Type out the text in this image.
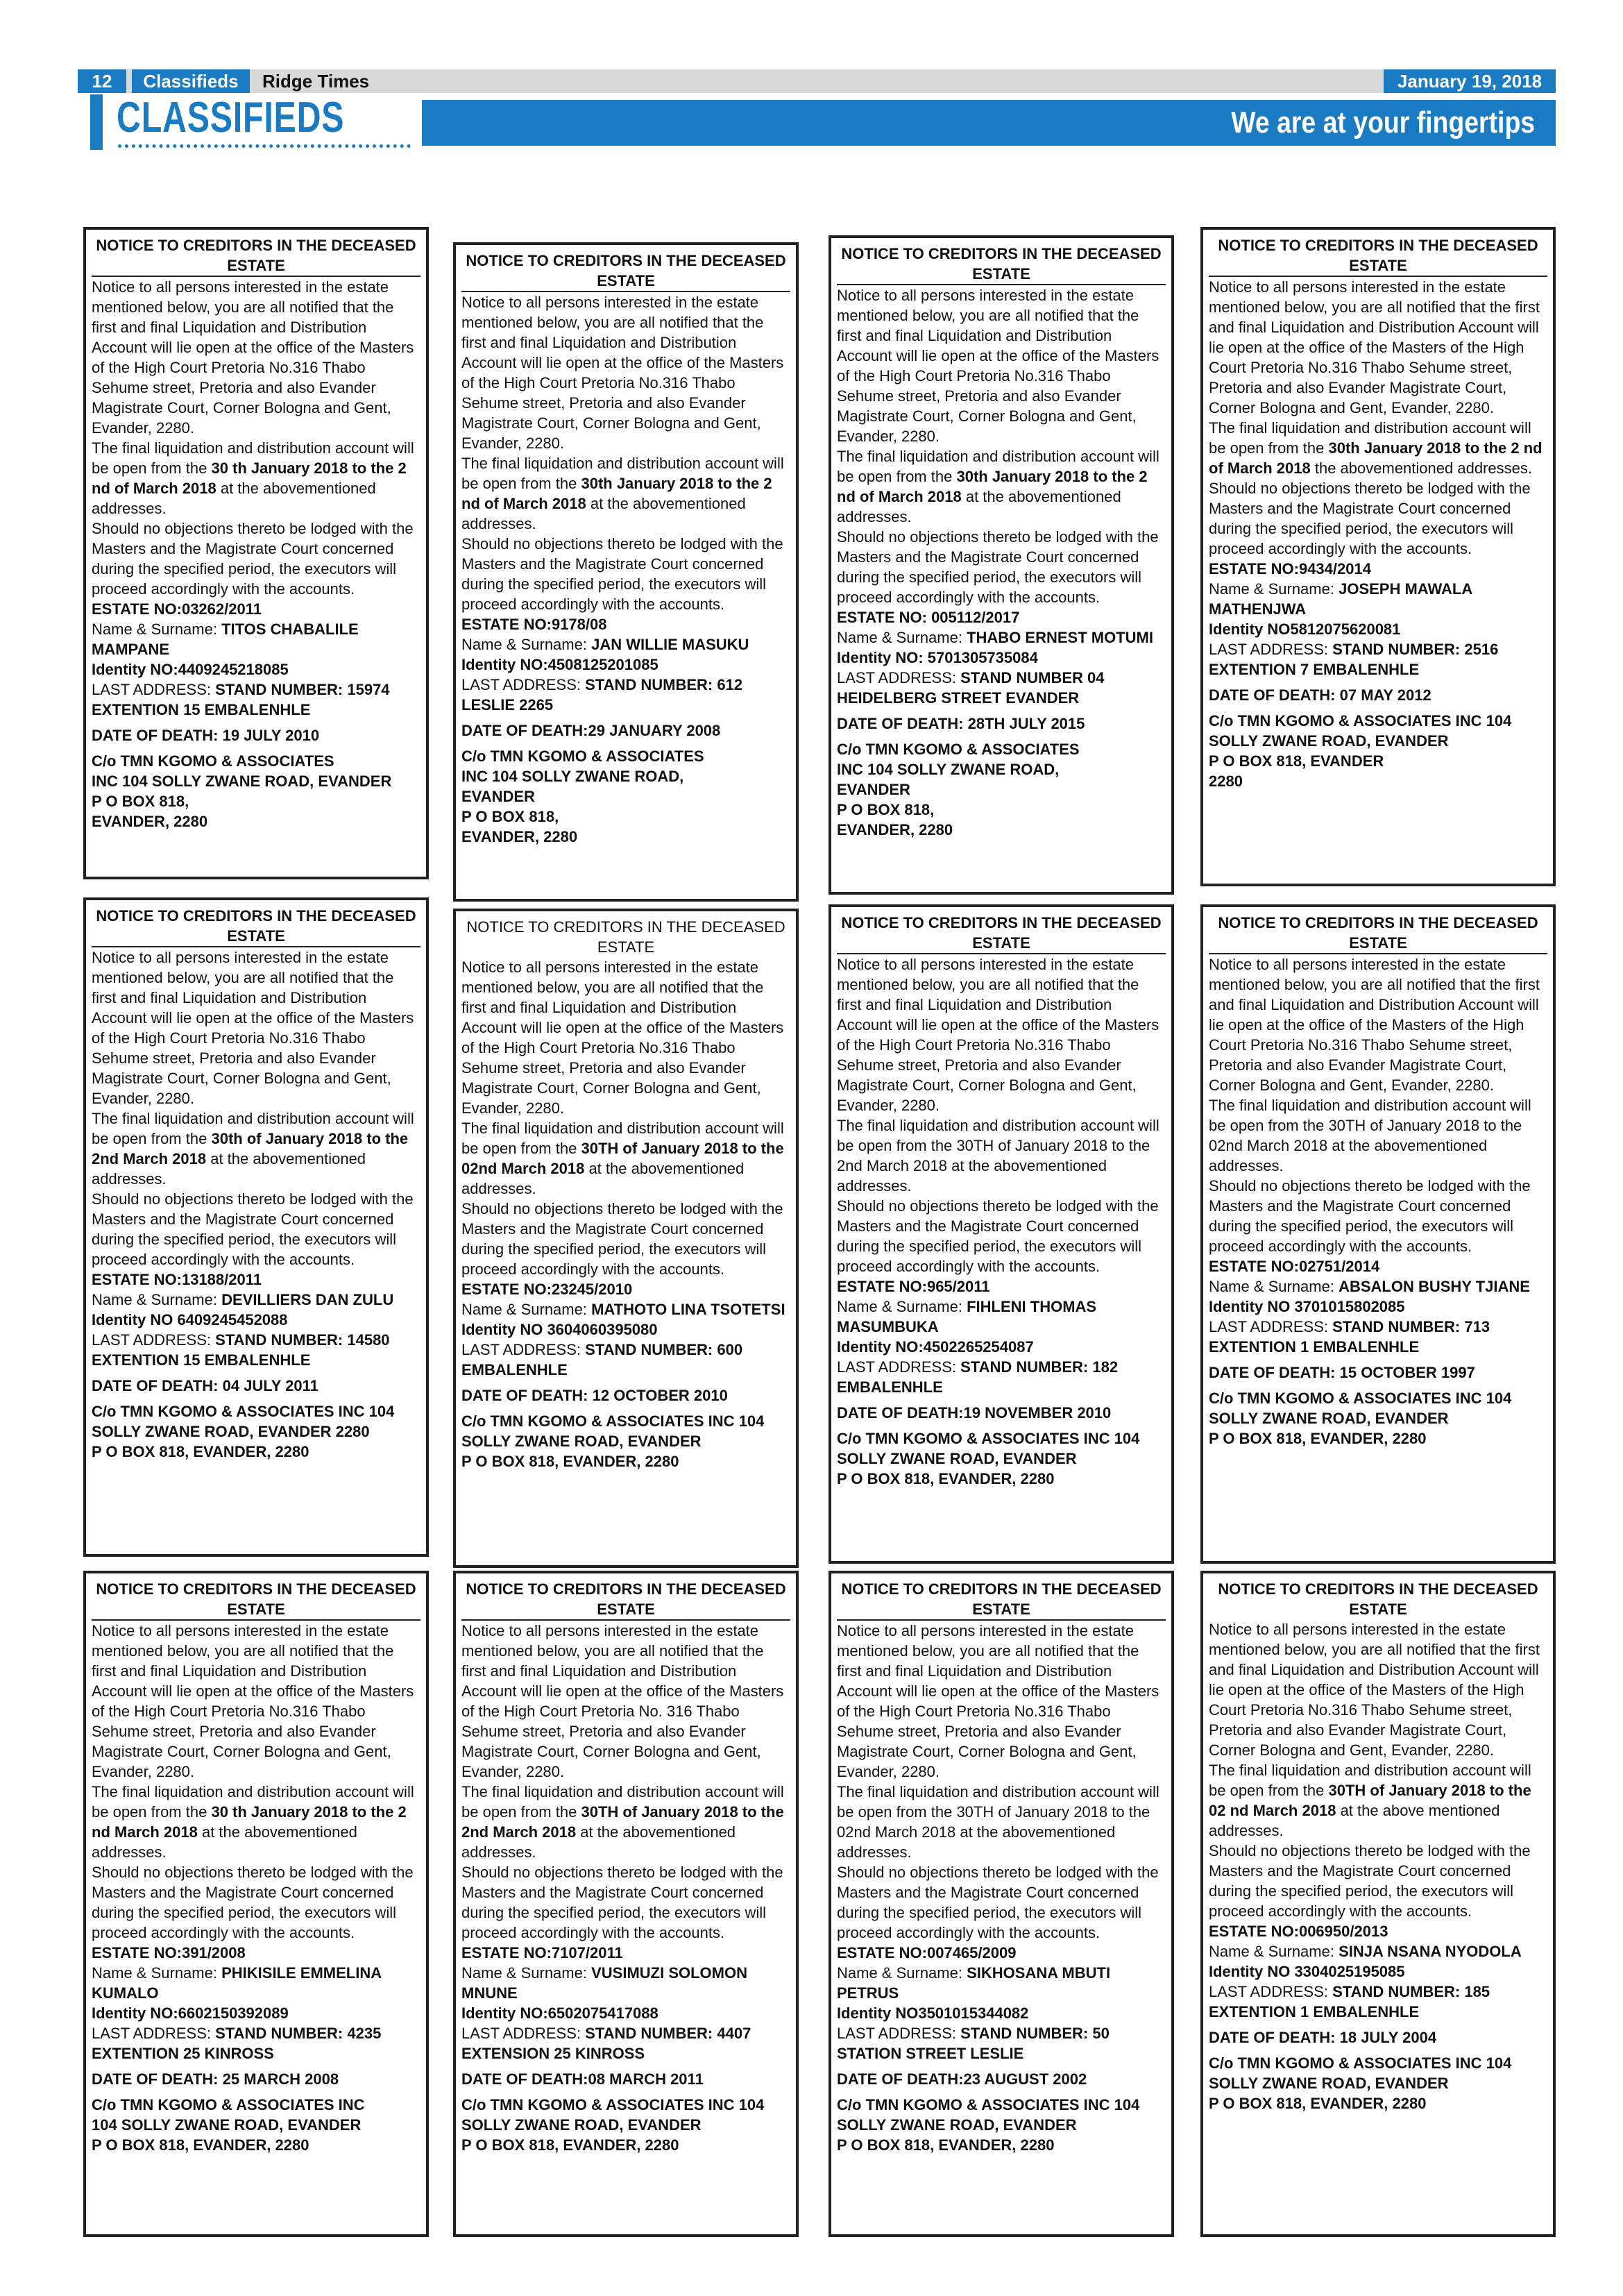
12	Classifieds	Ridge Times	January 19, 2018
CLASSIFIEDS	We are at your fingertips
NOTICE TO CREDITORS IN THE DECEASED
ESTATE

Notice to all persons interested in the estate mentioned below, you are all notified that the first and final Liquidation and Distribution Account will lie open at the office of the Masters of the High Court Pretoria No.316 Thabo Sehume street, Pretoria and also Evander Magistrate Court, Corner Bologna and Gent, Evander, 2280.

The final liquidation and distribution account will be open from the 30 th January 2018 to the 2 nd of March 2018 at the abovementioned addresses.

Should no objections thereto be lodged with the Masters and the Magistrate Court concerned during the specified period, the executors will proceed accordingly with the accounts.

ESTATE NO:03262/2011

Name & Surname: TITOS CHABALILE MAMPANE

Identity NO:4409245218085

LAST ADDRESS: STAND NUMBER: 15974 EXTENTION 15 EMBALENHLE

DATE OF DEATH: 19 JULY 2010

C/o TMN KGOMO & ASSOCIATES
INC 104 SOLLY ZWANE ROAD, EVANDER
P O BOX 818,
EVANDER, 2280
NOTICE TO CREDITORS IN THE DECEASED
ESTATE

Notice to all persons interested in the estate mentioned below, you are all notified that the first and final Liquidation and Distribution Account will lie open at the office of the Masters of the High Court Pretoria No.316 Thabo Sehume street, Pretoria and also Evander Magistrate Court, Corner Bologna and Gent, Evander, 2280.

The final liquidation and distribution account will be open from the 30th January 2018 to the 2 nd of March 2018 at the abovementioned addresses.

Should no objections thereto be lodged with the Masters and the Magistrate Court concerned during the specified period, the executors will proceed accordingly with the accounts.

ESTATE NO:9178/08

Name & Surname: JAN WILLIE MASUKU

Identity NO:4508125201085

LAST ADDRESS: STAND NUMBER: 612 LESLIE 2265

DATE OF DEATH:29 JANUARY 2008

C/o TMN KGOMO & ASSOCIATES
INC 104 SOLLY ZWANE ROAD,
EVANDER
P O BOX 818,
EVANDER, 2280
NOTICE TO CREDITORS IN THE DECEASED
ESTATE

Notice to all persons interested in the estate mentioned below, you are all notified that the first and final Liquidation and Distribution Account will lie open at the office of the Masters of the High Court Pretoria No.316 Thabo Sehume street, Pretoria and also Evander Magistrate Court, Corner Bologna and Gent, Evander, 2280.

The final liquidation and distribution account will be open from the 30th January 2018 to the 2 nd of March 2018 at the abovementioned addresses.

Should no objections thereto be lodged with the Masters and the Magistrate Court concerned during the specified period, the executors will proceed accordingly with the accounts.

ESTATE NO: 005112/2017

Name & Surname: THABO ERNEST MOTUMI

Identity NO: 5701305735084

LAST ADDRESS: STAND NUMBER 04 HEIDELBERG STREET EVANDER

DATE OF DEATH: 28TH JULY 2015

C/o TMN KGOMO & ASSOCIATES
INC 104 SOLLY ZWANE ROAD,
EVANDER
P O BOX 818,
EVANDER, 2280
NOTICE TO CREDITORS IN THE DECEASED
ESTATE

Notice to all persons interested in the estate mentioned below, you are all notified that the first and final Liquidation and Distribution Account will lie open at the office of the Masters of the High Court Pretoria No.316 Thabo Sehume street, Pretoria and also Evander Magistrate Court, Corner Bologna and Gent, Evander, 2280.

The final liquidation and distribution account will be open from the 30th January 2018 to the 2 nd of March 2018 the abovementioned addresses.

Should no objections thereto be lodged with the Masters and the Magistrate Court concerned during the specified period, the executors will proceed accordingly with the accounts.

ESTATE NO:9434/2014

Name & Surname: JOSEPH MAWALA MATHENJWA

Identity NO5812075620081

LAST ADDRESS: STAND NUMBER: 2516 EXTENTION 7 EMBALENHLE

DATE OF DEATH: 07 MAY 2012

C/o TMN KGOMO & ASSOCIATES INC 104
SOLLY ZWANE ROAD, EVANDER
P O BOX 818, EVANDER
2280
NOTICE TO CREDITORS IN THE DECEASED
ESTATE

Notice to all persons interested in the estate mentioned below, you are all notified that the first and final Liquidation and Distribution Account will lie open at the office of the Masters of the High Court Pretoria No.316 Thabo Sehume street, Pretoria and also Evander Magistrate Court, Corner Bologna and Gent, Evander, 2280.

The final liquidation and distribution account will be open from the 30th of January 2018 to the 2nd March 2018 at the abovementioned addresses.

Should no objections thereto be lodged with the Masters and the Magistrate Court concerned during the specified period, the executors will proceed accordingly with the accounts.

ESTATE NO:13188/2011

Name & Surname: DEVILLIERS DAN ZULU

Identity NO 6409245452088

LAST ADDRESS: STAND NUMBER: 14580 EXTENTION 15 EMBALENHLE

DATE OF DEATH: 04 JULY 2011

C/o TMN KGOMO & ASSOCIATES INC 104
SOLLY ZWANE ROAD, EVANDER 2280
P O BOX 818, EVANDER, 2280
NOTICE TO CREDITORS IN THE DECEASED
ESTATE

Notice to all persons interested in the estate mentioned below, you are all notified that the first and final Liquidation and Distribution Account will lie open at the office of the Masters of the High Court Pretoria No.316 Thabo Sehume street, Pretoria and also Evander Magistrate Court, Corner Bologna and Gent, Evander, 2280.

The final liquidation and distribution account will be open from the 30TH of January 2018 to the 02nd March 2018 at the abovementioned addresses.

Should no objections thereto be lodged with the Masters and the Magistrate Court concerned during the specified period, the executors will proceed accordingly with the accounts.

ESTATE NO:23245/2010

Name & Surname: MATHOTO LINA TSOTETSI

Identity NO 3604060395080

LAST ADDRESS: STAND NUMBER: 600 EMBALENHLE

DATE OF DEATH: 12 OCTOBER 2010

C/o TMN KGOMO & ASSOCIATES INC 104
SOLLY ZWANE ROAD, EVANDER
P O BOX 818, EVANDER, 2280
NOTICE TO CREDITORS IN THE DECEASED
ESTATE

Notice to all persons interested in the estate mentioned below, you are all notified that the first and final Liquidation and Distribution Account will lie open at the office of the Masters of the High Court Pretoria No.316 Thabo Sehume street, Pretoria and also Evander Magistrate Court, Corner Bologna and Gent, Evander, 2280.

The final liquidation and distribution account will be open from the 30TH of January 2018 to the 2nd March 2018 at the abovementioned addresses.

Should no objections thereto be lodged with the Masters and the Magistrate Court concerned during the specified period, the executors will proceed accordingly with the accounts.

ESTATE NO:965/2011

Name & Surname: FIHLENI THOMAS MASUMBUKA

Identity NO:4502265254087

LAST ADDRESS: STAND NUMBER: 182 EMBALENHLE

DATE OF DEATH:19 NOVEMBER 2010

C/o TMN KGOMO & ASSOCIATES INC 104
SOLLY ZWANE ROAD, EVANDER
P O BOX 818, EVANDER, 2280
NOTICE TO CREDITORS IN THE DECEASED
ESTATE

Notice to all persons interested in the estate mentioned below, you are all notified that the first and final Liquidation and Distribution Account will lie open at the office of the Masters of the High Court Pretoria No.316 Thabo Sehume street, Pretoria and also Evander Magistrate Court, Corner Bologna and Gent, Evander, 2280.

The final liquidation and distribution account will be open from the 30TH of January 2018 to the 02nd March 2018 at the abovementioned addresses.

Should no objections thereto be lodged with the Masters and the Magistrate Court concerned during the specified period, the executors will proceed accordingly with the accounts.

ESTATE NO:02751/2014

Name & Surname: ABSALON BUSHY TJIANE

Identity NO 3701015802085

LAST ADDRESS: STAND NUMBER: 713 EXTENTION 1 EMBALENHLE

DATE OF DEATH: 15 OCTOBER 1997

C/o TMN KGOMO & ASSOCIATES INC 104
SOLLY ZWANE ROAD, EVANDER
P O BOX 818, EVANDER, 2280
NOTICE TO CREDITORS IN THE DECEASED
ESTATE

Notice to all persons interested in the estate mentioned below, you are all notified that the first and final Liquidation and Distribution Account will lie open at the office of the Masters of the High Court Pretoria No.316 Thabo Sehume street, Pretoria and also Evander Magistrate Court, Corner Bologna and Gent, Evander, 2280.

The final liquidation and distribution account will be open from the 30 th January 2018 to the 2 nd March 2018 at the abovementioned addresses.

Should no objections thereto be lodged with the Masters and the Magistrate Court concerned during the specified period, the executors will proceed accordingly with the accounts.

ESTATE NO:391/2008

Name & Surname: PHIKISILE EMMELINA KUMALO

Identity NO:6602150392089

LAST ADDRESS: STAND NUMBER: 4235 EXTENTION 25 KINROSS

DATE OF DEATH: 25 MARCH 2008

C/o TMN KGOMO & ASSOCIATES INC
104 SOLLY ZWANE ROAD, EVANDER
P O BOX 818, EVANDER, 2280
NOTICE TO CREDITORS IN THE DECEASED
ESTATE

Notice to all persons interested in the estate mentioned below, you are all notified that the first and final Liquidation and Distribution Account will lie open at the office of the Masters of the High Court Pretoria No. 316 Thabo Sehume street, Pretoria and also Evander Magistrate Court, Corner Bologna and Gent, Evander, 2280.

The final liquidation and distribution account will be open from the 30TH of January 2018 to the 2nd March 2018 at the abovementioned addresses.

Should no objections thereto be lodged with the Masters and the Magistrate Court concerned during the specified period, the executors will proceed accordingly with the accounts.

ESTATE NO:7107/2011

Name & Surname: VUSIMUZI SOLOMON MNUNE

Identity NO:6502075417088

LAST ADDRESS: STAND NUMBER: 4407 EXTENSION 25 KINROSS

DATE OF DEATH:08 MARCH 2011

C/o TMN KGOMO & ASSOCIATES INC 104
SOLLY ZWANE ROAD, EVANDER
P O BOX 818, EVANDER, 2280
NOTICE TO CREDITORS IN THE DECEASED
ESTATE

Notice to all persons interested in the estate mentioned below, you are all notified that the first and final Liquidation and Distribution Account will lie open at the office of the Masters of the High Court Pretoria No.316 Thabo Sehume street, Pretoria and also Evander Magistrate Court, Corner Bologna and Gent, Evander, 2280.

The final liquidation and distribution account will be open from the 30TH of January 2018 to the 02nd March 2018 at the abovementioned addresses.

Should no objections thereto be lodged with the Masters and the Magistrate Court concerned during the specified period, the executors will proceed accordingly with the accounts.

ESTATE NO:007465/2009

Name & Surname: SIKHOSANA MBUTI PETRUS

Identity NO3501015344082

LAST ADDRESS: STAND NUMBER: 50 STATION STREET LESLIE

DATE OF DEATH:23 AUGUST 2002

C/o TMN KGOMO & ASSOCIATES INC 104
SOLLY ZWANE ROAD, EVANDER
P O BOX 818, EVANDER, 2280
NOTICE TO CREDITORS IN THE DECEASED
ESTATE

Notice to all persons interested in the estate mentioned below, you are all notified that the first and final Liquidation and Distribution Account will lie open at the office of the Masters of the High Court Pretoria No.316 Thabo Sehume street, Pretoria and also Evander Magistrate Court, Corner Bologna and Gent, Evander, 2280.

The final liquidation and distribution account will be open from the 30TH of January 2018 to the 02 nd March 2018 at the above mentioned addresses.

Should no objections thereto be lodged with the Masters and the Magistrate Court concerned during the specified period, the executors will proceed accordingly with the accounts.

ESTATE NO:006950/2013

Name & Surname: SINJA NSANA NYODOLA

Identity NO 3304025195085

LAST ADDRESS: STAND NUMBER: 185 EXTENTION 1 EMBALENHLE

DATE OF DEATH: 18 JULY 2004

C/o TMN KGOMO & ASSOCIATES INC 104
SOLLY ZWANE ROAD, EVANDER
P O BOX 818, EVANDER, 2280
